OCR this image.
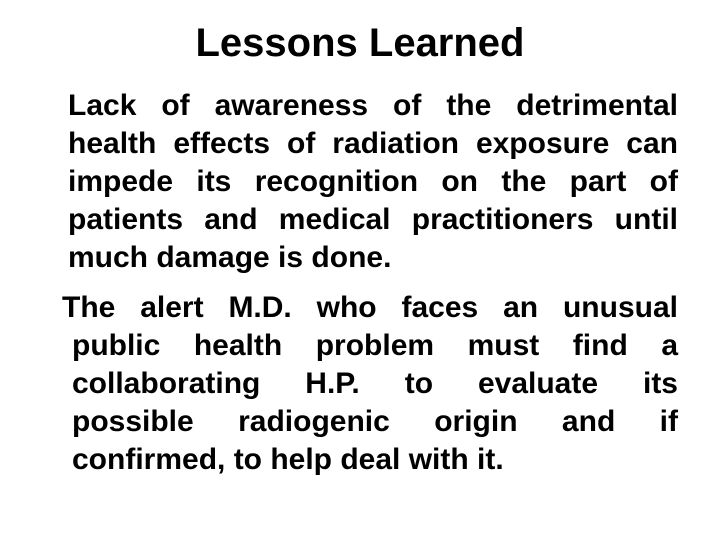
Lessons Learned

Lack of awareness of the detrimental
health effects of radiation exposure can
impede its recognition on the part of
patients and medical practitioners until
much damage is done.

The alert M.D. who faces an unusual
public health problem must find a
collaborating H.P. to evaluate its
possible radiogenic origin and if
confirmed, to help deal with it.
